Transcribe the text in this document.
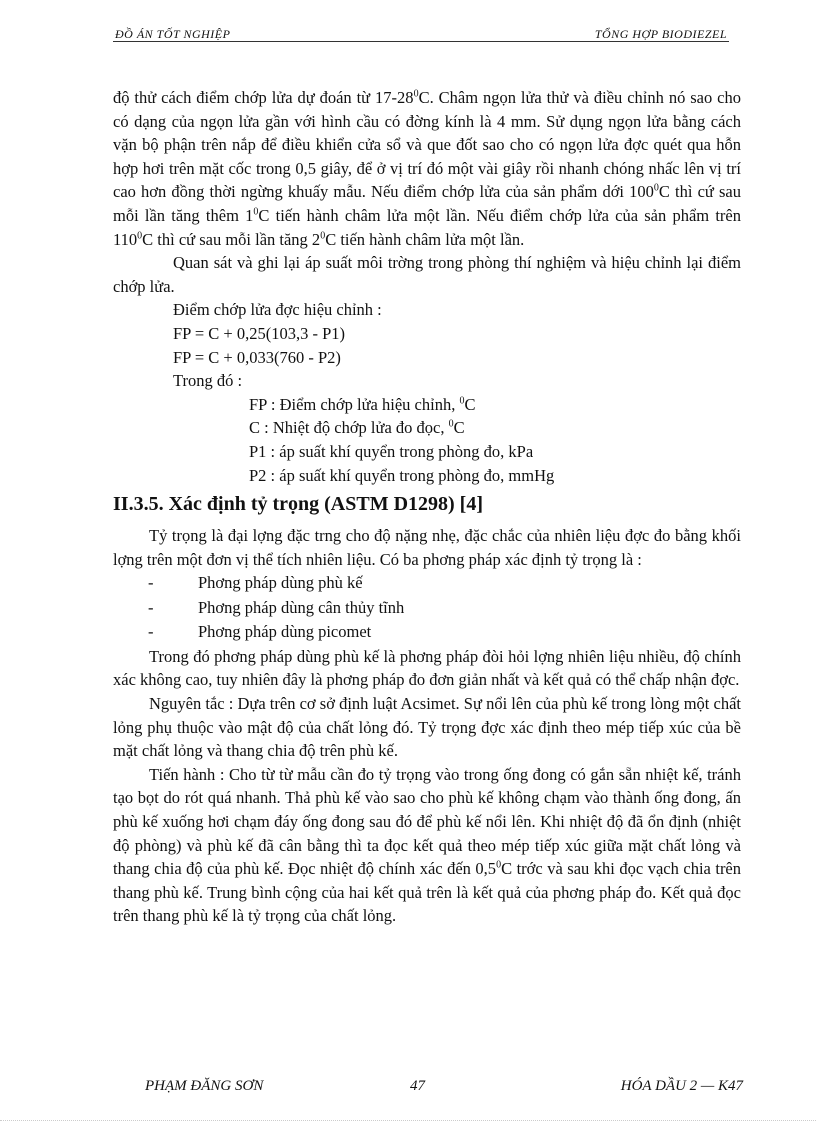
ĐỒ ÁN TỐT NGHIỆP	TỔNG HỢP BIODIEZEL

độ thử cách điểm chớp lửa dự đoán từ $17-28^0C$. Châm ngọn lửa thử và điều chỉnh nó sao cho có dạng của ngọn lửa gần với hình cầu có đờng kính là 4 mm. Sử dụng ngọn lửa bằng cách vặn bộ phận trên nắp để điều khiển cửa sổ và que đốt sao cho có ngọn lửa đợc quét qua hỗn hợp hơi trên mặt cốc trong 0,5 giây, để ở vị trí đó một vài giây rồi nhanh chóng nhấc lên vị trí cao hơn đồng thời ngừng khuấy mẫu. Nếu điểm chớp lửa của sản phẩm dới $100^0C$ thì cứ sau mỗi lần tăng thêm $1^0C$ tiến hành châm lửa một lần. Nếu điểm chớp lửa của sản phẩm trên $110^0C$ thì cứ sau mỗi lần tăng $2^0C$ tiến hành châm lửa một lần.

Quan sát và ghi lại áp suất môi trờng trong phòng thí nghiệm và hiệu chỉnh lại điểm chớp lửa.

Điểm chớp lửa đợc hiệu chỉnh :

FP = C + 0,25(103,3 - P1)

FP = C + 0,033(760 - P2)

Trong đó :

FP : Điểm chớp lửa hiệu chỉnh, $^0$C

C : Nhiệt độ chớp lửa đo đọc, $^0$C

P1 : áp suất khí quyển trong phòng đo, kPa

P2 : áp suất khí quyển trong phòng đo, mmHg

II.3.5. Xác định tỷ trọng (ASTM D1298) [4]

Tỷ trọng là đại lợng đặc trng cho độ nặng nhẹ, đặc chắc của nhiên liệu đợc đo bằng khối lợng trên một đơn vị thể tích nhiên liệu. Có ba phơng pháp xác định tỷ trọng là :

-	Phơng pháp dùng phù kế
-	Phơng pháp dùng cân thủy tĩnh
-	Phơng pháp dùng picomet

Trong đó phơng pháp dùng phù kế là phơng pháp đòi hỏi lợng nhiên liệu nhiều, độ chính xác không cao, tuy nhiên đây là phơng pháp đo đơn giản nhất và kết quả có thể chấp nhận đợc.

Nguyên tắc : Dựa trên cơ sở định luật Acsimet. Sự nổi lên của phù kế trong lòng một chất lỏng phụ thuộc vào mật độ của chất lỏng đó. Tỷ trọng đợc xác định theo mép tiếp xúc của bề mặt chất lỏng và thang chia độ trên phù kế.

Tiến hành : Cho từ từ mẫu cần đo tỷ trọng vào trong ống đong có gắn sẵn nhiệt kế, tránh tạo bọt do rót quá nhanh. Thả phù kế vào sao cho phù kế không chạm vào thành ống đong, ấn phù kế xuống hơi chạm đáy ống đong sau đó để phù kế nổi lên. Khi nhiệt độ đã ổn định (nhiệt độ phòng) và phù kế đã cân bằng thì ta đọc kết quả theo mép tiếp xúc giữa mặt chất lỏng và thang chia độ của phù kế. Đọc nhiệt độ chính xác đến $0,5^0C$ trớc và sau khi đọc vạch chia trên thang phù kế. Trung bình cộng của hai kết quả trên là kết quả của phơng pháp đo. Kết quả đọc trên thang phù kế là tỷ trọng của chất lỏng.

PHẠM ĐĂNG SƠN	47	HÓA DẦU 2 — K47
